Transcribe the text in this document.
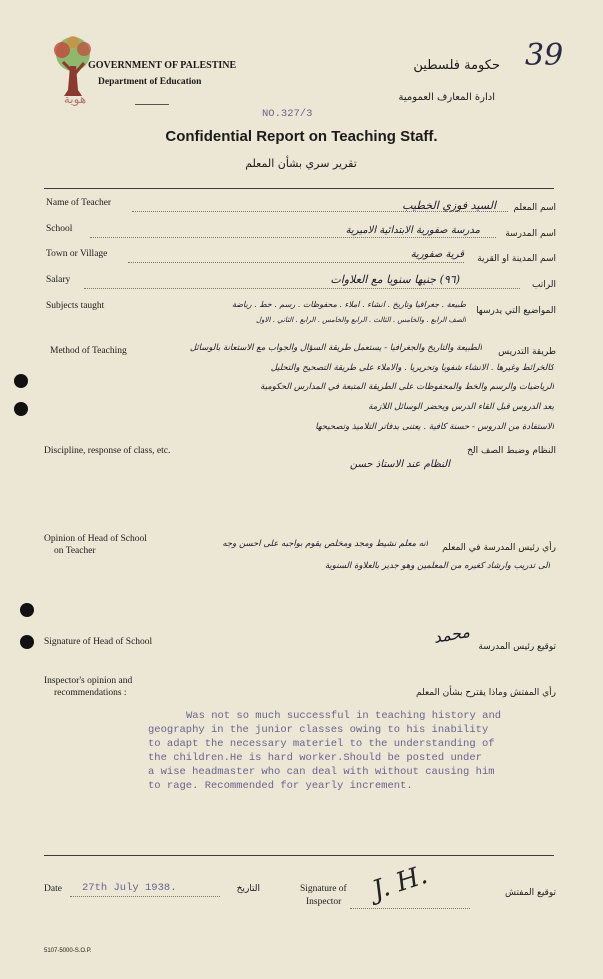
هوية
GOVERNMENT OF PALESTINE
Department of Education
حكومة فلسطين
ادارة المعارف العمومية
39
NO.327/3
Confidential Report on Teaching Staff.
تقرير سري بشأن المعلم
Name of Teacher	السيد فوزي الخطيب	اسم المعلم
School	مدرسة صفورية الابتدائية الاميرية	اسم المدرسة
Town or Village	قرية صفورية	اسم المدينة او القرية
Salary	(٩٦) جنيها سنويا مع العلاوات	الراتب
Subjects taught	طبيعة . جغرافيا وتاريخ . انشاء . املاء . محفوظات . رسم . خط . رياضة
الصف الرابع . والخامس . الثالث . الرابع والخامس . الرابع . الثاني . الاول
المواضيع التي يدرسها
Method of Teaching	طريقة التدريس
الطبيعة والتاريخ والجغرافيا - يستعمل طريقة السؤال والجواب مع الاستعانة بالوسائل
كالخرائط وغيرها . الانشاء شفويا وتحريريا . والاملاء على طريقة التصحيح والتحليل
الرياضيات والرسم والخط والمحفوظات على الطريقة المتبعة في المدارس الحكومية
يعد الدروس قبل القاء الدرس ويحضر الوسائل اللازمة
الاستفادة من الدروس - حسنة كافية . يعتنى بدفاتر التلاميذ وتصحيحها
Discipline, response of class, etc.	النظام وضبط الصف الخ
النظام عند الاستاذ حسن
Opinion of Head of School
on Teacher	رأي رئيس المدرسة في المعلم
انه معلم نشيط ومجد ومخلص يقوم بواجبه على احسن وجه
الى تدريب وارشاد كغيره من المعلمين وهو جدير بالعلاوة السنوية
Signature of Head of School	توقيع رئيس المدرسة
محمد
Inspector's opinion and
recommendations :	رأي المفتش وماذا يقترح بشأن المعلم
Was not so much successful in teaching history and
geography in the junior classes owing to his inability
to adapt the necessary materiel to the understanding of
the children.He is hard worker.Should be posted under
a wise headmaster who can deal with without causing him
to rage. Recommended for yearly increment.
Date 27th July 1938.	التاريخ	Signature of
Inspector J. H.	توقيع المفتش
5107-5000-S.O.P.
